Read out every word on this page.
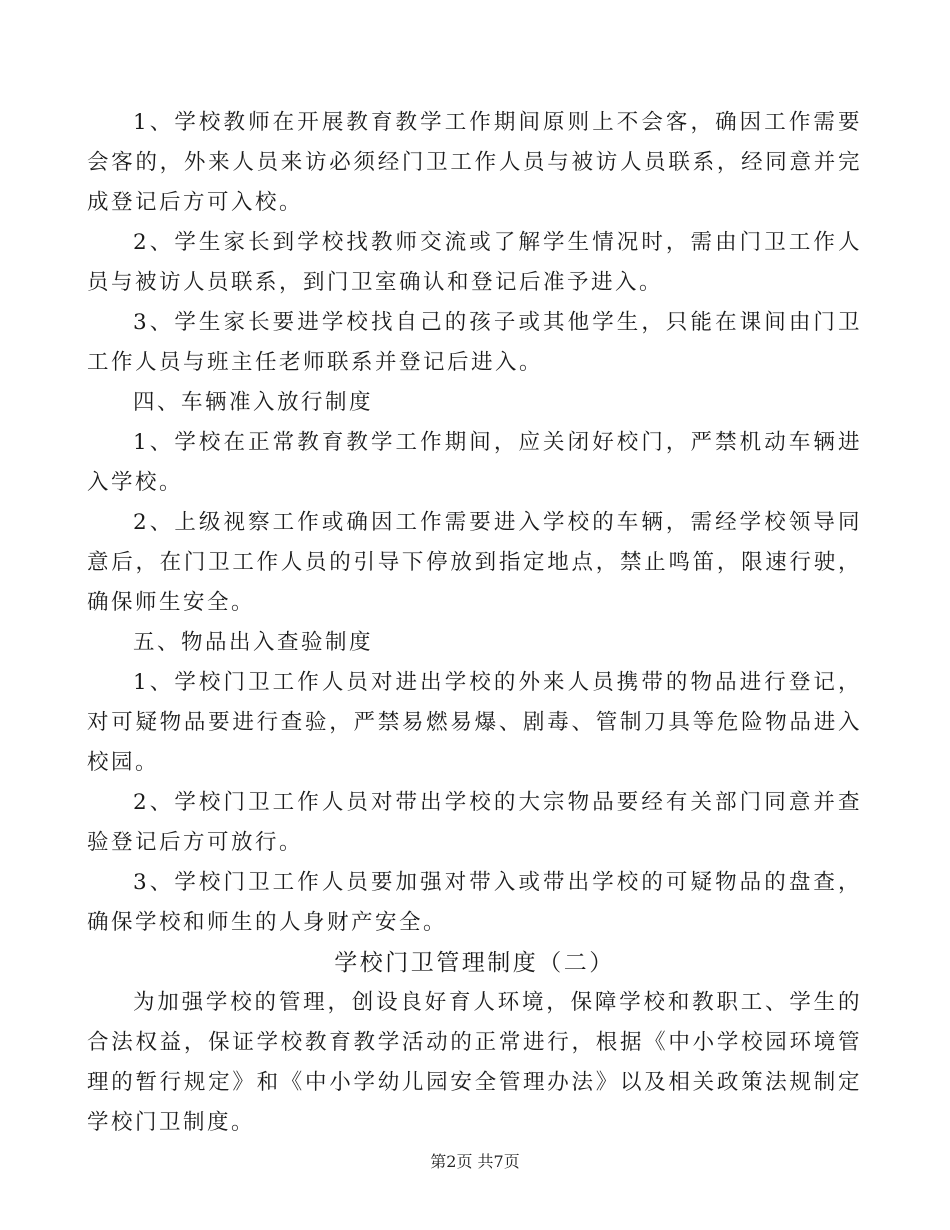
1、学校教师在开展教育教学工作期间原则上不会客，确因工作需要会客的，外来人员来访必须经门卫工作人员与被访人员联系，经同意并完成登记后方可入校。

2、学生家长到学校找教师交流或了解学生情况时，需由门卫工作人员与被访人员联系，到门卫室确认和登记后准予进入。

3、学生家长要进学校找自己的孩子或其他学生，只能在课间由门卫工作人员与班主任老师联系并登记后进入。

四、车辆准入放行制度

1、学校在正常教育教学工作期间，应关闭好校门，严禁机动车辆进入学校。

2、上级视察工作或确因工作需要进入学校的车辆，需经学校领导同意后，在门卫工作人员的引导下停放到指定地点，禁止鸣笛，限速行驶，确保师生安全。

五、物品出入查验制度

1、学校门卫工作人员对进出学校的外来人员携带的物品进行登记，对可疑物品要进行查验，严禁易燃易爆、剧毒、管制刀具等危险物品进入校园。

2、学校门卫工作人员对带出学校的大宗物品要经有关部门同意并查验登记后方可放行。

3、学校门卫工作人员要加强对带入或带出学校的可疑物品的盘查，确保学校和师生的人身财产安全。

学校门卫管理制度（二）

为加强学校的管理，创设良好育人环境，保障学校和教职工、学生的合法权益，保证学校教育教学活动的正常进行，根据《中小学校园环境管理的暂行规定》和《中小学幼儿园安全管理办法》以及相关政策法规制定学校门卫制度。

第2页 共7页
